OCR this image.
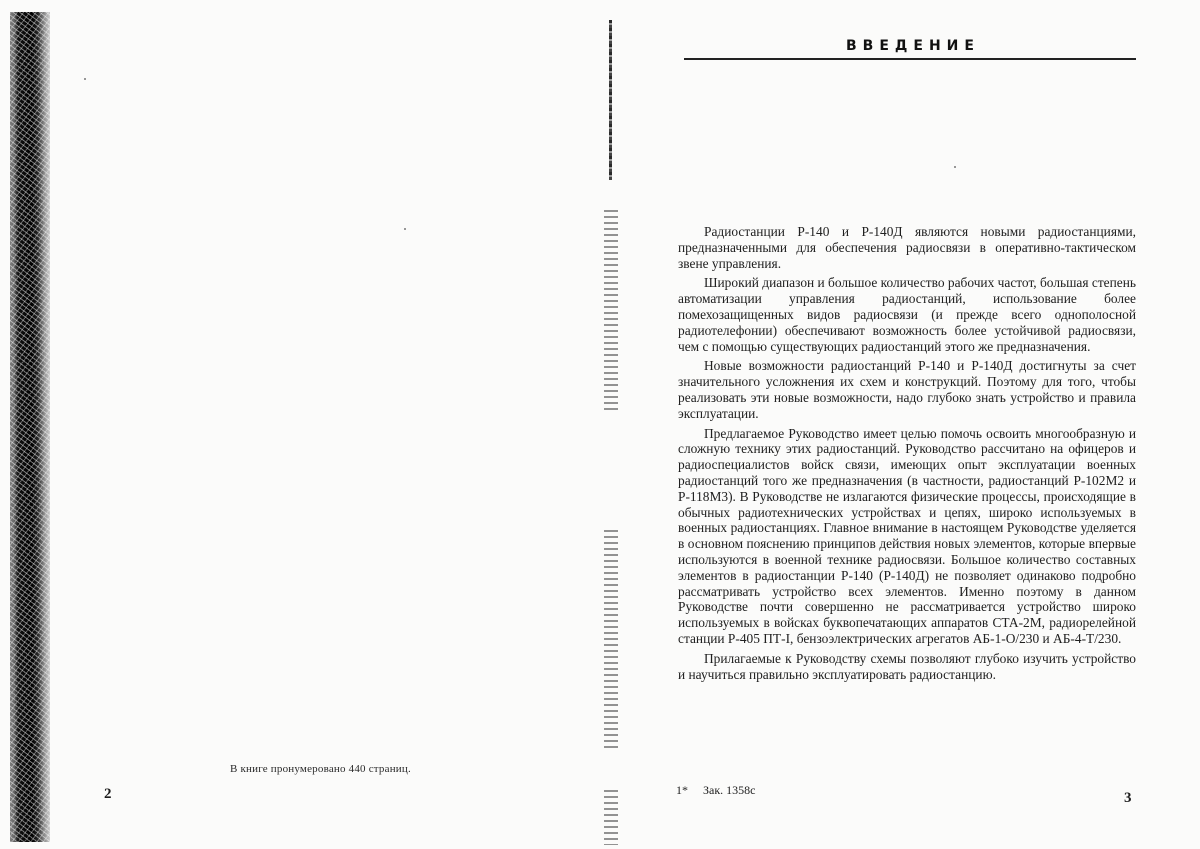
В книге пронумеровано 440 страниц.
2
ВВЕДЕНИЕ

Радиостанции Р-140 и Р-140Д являются новыми радиостанциями, предназначенными для обеспечения радиосвязи в оперативно-тактическом звене управления.

Широкий диапазон и большое количество рабочих частот, большая степень автоматизации управления радиостанций, использование более помехозащищенных видов радиосвязи (и прежде всего однополосной радиотелефонии) обеспечивают возможность более устойчивой радиосвязи, чем с помощью существующих радиостанций этого же предназначения.

Новые возможности радиостанций Р-140 и Р-140Д достигнуты за счет значительного усложнения их схем и конструкций. Поэтому для того, чтобы реализовать эти новые возможности, надо глубоко знать устройство и правила эксплуатации.

Предлагаемое Руководство имеет целью помочь освоить многообразную и сложную технику этих радиостанций. Руководство рассчитано на офицеров и радиоспециалистов войск связи, имеющих опыт эксплуатации военных радиостанций того же предназначения (в частности, радиостанций Р-102М2 и Р-118М3). В Руководстве не излагаются физические процессы, происходящие в обычных радиотехнических устройствах и цепях, широко используемых в военных радиостанциях. Главное внимание в настоящем Руководстве уделяется в основном пояснению принципов действия новых элементов, которые впервые используются в военной технике радиосвязи. Большое количество составных элементов в радиостанции Р-140 (Р-140Д) не позволяет одинаково подробно рассматривать устройство всех элементов. Именно поэтому в данном Руководстве почти совершенно не рассматривается устройство широко используемых в войсках буквопечатающих аппаратов СТА-2М, радиорелейной станции Р-405 ПТ-I, бензоэлектрических агрегатов АБ-1-О/230 и АБ-4-Т/230.

Прилагаемые к Руководству схемы позволяют глубоко изучить устройство и научиться правильно эксплуатировать радиостанцию.

1* Зак. 1358с	3
